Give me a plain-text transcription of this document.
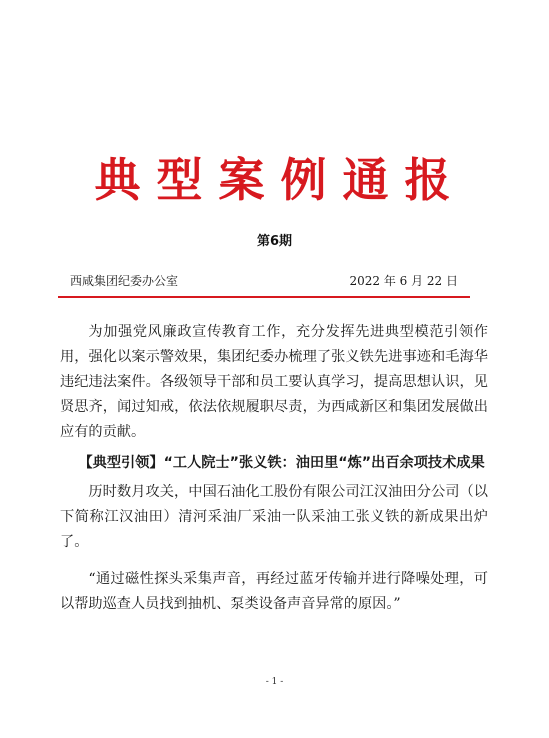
典型案例通报
第6期
西咸集团纪委办公室	2022 年 6 月 22 日

为加强党风廉政宣传教育工作，充分发挥先进典型模范引领作用，强化以案示警效果，集团纪委办梳理了张义铁先进事迹和毛海华违纪违法案件。各级领导干部和员工要认真学习，提高思想认识，见贤思齐，闻过知戒，依法依规履职尽责，为西咸新区和集团发展做出应有的贡献。

【典型引领】“工人院士”张义铁：油田里“炼”出百余项技术成果

历时数月攻关，中国石油化工股份有限公司江汉油田分公司（以下简称江汉油田）清河采油厂采油一队采油工张义铁的新成果出炉了。

“通过磁性探头采集声音，再经过蓝牙传输并进行降噪处理，可以帮助巡查人员找到抽机、泵类设备声音异常的原因。”

- 1 -
